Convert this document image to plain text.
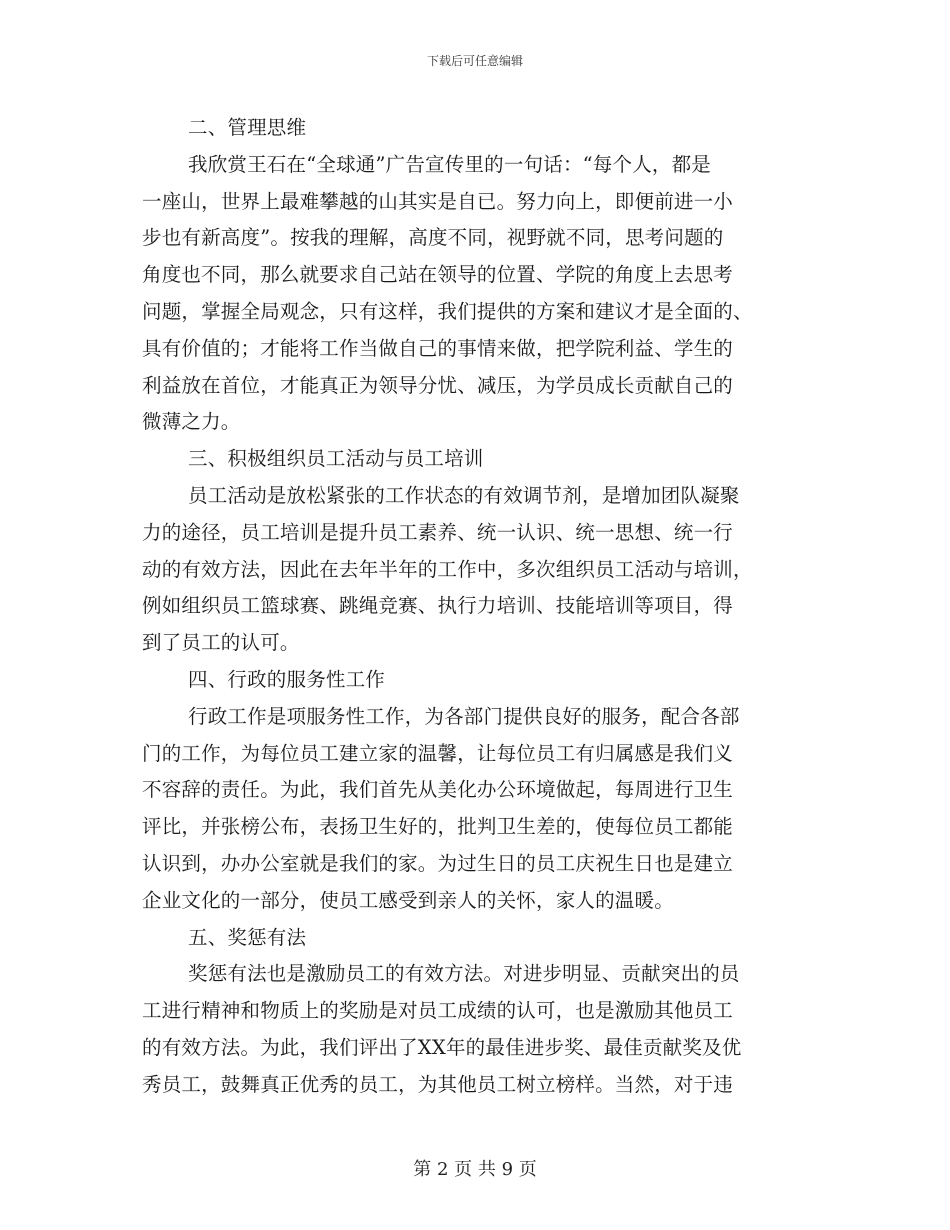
下载后可任意编辑
二、管理思维
我欣赏王石在“全球通”广告宣传里的一句话：“每个人，都是
一座山，世界上最难攀越的山其实是自已。努力向上，即便前进一小
步也有新高度”。按我的理解，高度不同，视野就不同，思考问题的
角度也不同，那么就要求自己站在领导的位置、学院的角度上去思考
问题，掌握全局观念，只有这样，我们提供的方案和建议才是全面的、
具有价值的；才能将工作当做自己的事情来做，把学院利益、学生的
利益放在首位，才能真正为领导分忧、减压，为学员成长贡献自己的
微薄之力。
三、积极组织员工活动与员工培训
员工活动是放松紧张的工作状态的有效调节剂，是增加团队凝聚
力的途径，员工培训是提升员工素养、统一认识、统一思想、统一行
动的有效方法，因此在去年半年的工作中，多次组织员工活动与培训，
例如组织员工篮球赛、跳绳竞赛、执行力培训、技能培训等项目，得
到了员工的认可。
四、行政的服务性工作
行政工作是项服务性工作，为各部门提供良好的服务，配合各部
门的工作，为每位员工建立家的温馨，让每位员工有归属感是我们义
不容辞的责任。为此，我们首先从美化办公环境做起，每周进行卫生
评比，并张榜公布，表扬卫生好的，批判卫生差的，使每位员工都能
认识到，办办公室就是我们的家。为过生日的员工庆祝生日也是建立
企业文化的一部分，使员工感受到亲人的关怀，家人的温暖。
五、奖惩有法
奖惩有法也是激励员工的有效方法。对进步明显、贡献突出的员
工进行精神和物质上的奖励是对员工成绩的认可，也是激励其他员工
的有效方法。为此，我们评出了XX年的最佳进步奖、最佳贡献奖及优
秀员工，鼓舞真正优秀的员工，为其他员工树立榜样。当然，对于违
第 2 页 共 9 页
